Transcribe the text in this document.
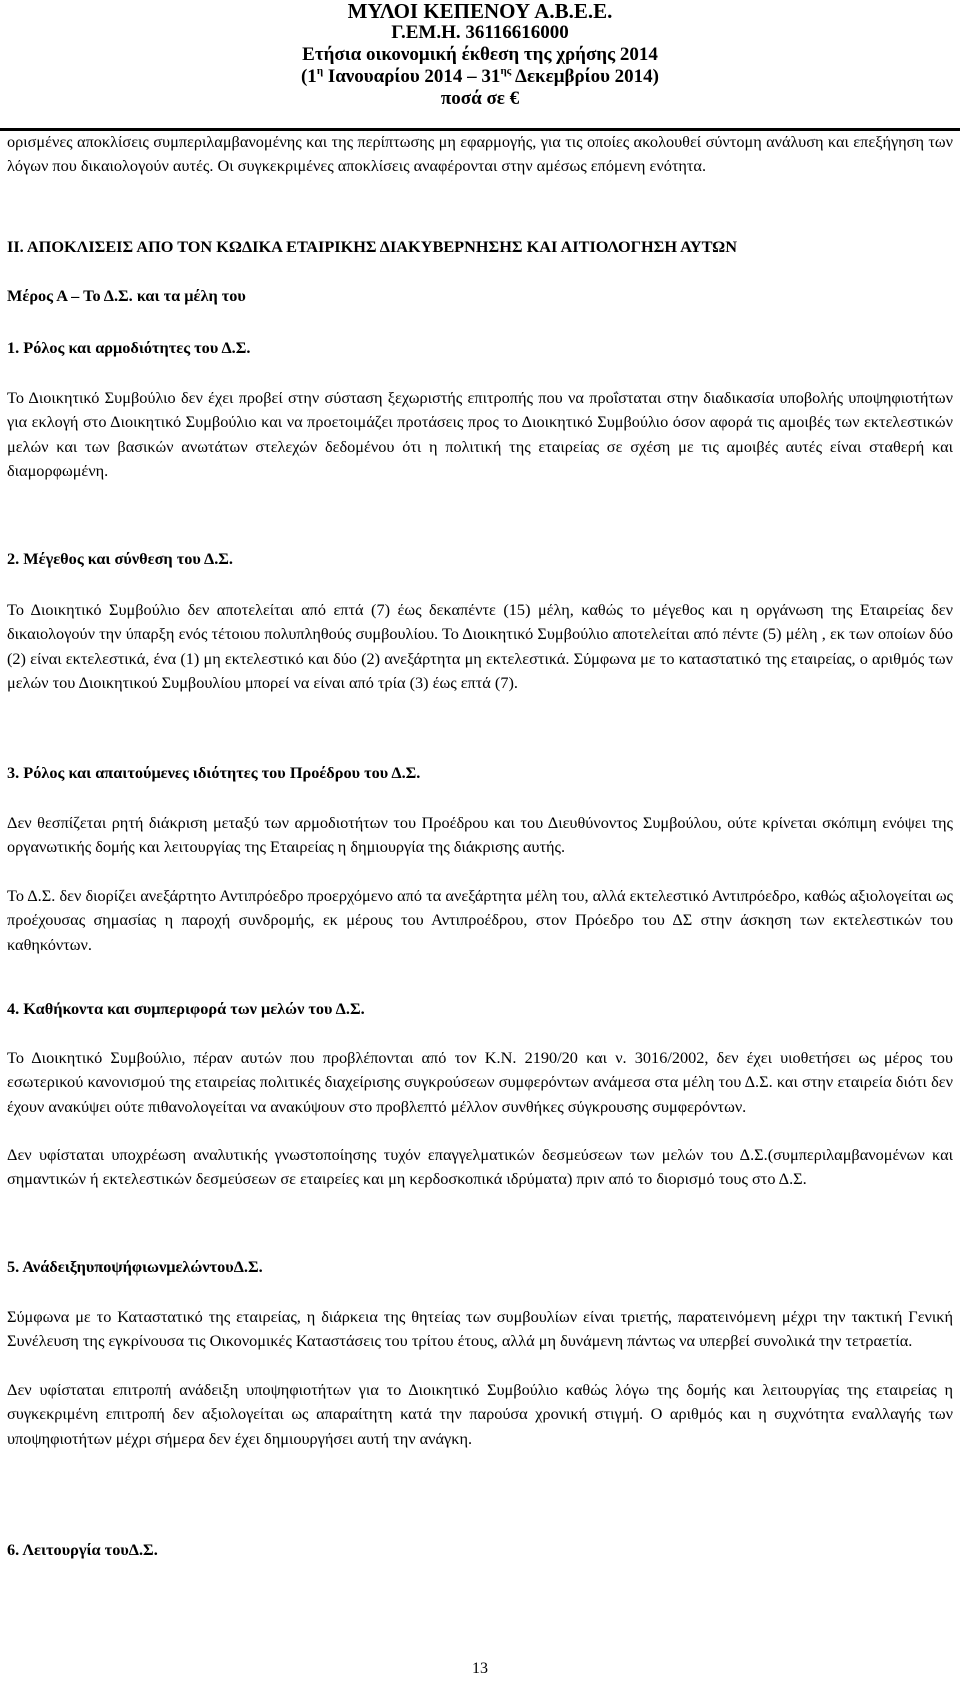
ΜΥΛΟΙ ΚΕΠΕΝΟΥ Α.Β.Ε.Ε.
Γ.ΕΜ.Η. 36116616000
Ετήσια οικονομική έκθεση της χρήσης 2014
($1^\eta$ Ιανουαρίου $2014 - 31^{\eta\varsigma}$ Δεκεμβρίου 2014)
ποσά σε €

ορισμένες αποκλίσεις συμπεριλαμβανομένης και της περίπτωσης μη εφαρμογής, για τις οποίες ακολουθεί σύντομη ανάλυση και επεξήγηση των λόγων που δικαιολογούν αυτές. Οι συγκεκριμένες αποκλίσεις αναφέρονται στην αμέσως επόμενη ενότητα.

ΙΙ. ΑΠΟΚΛΙΣΕΙΣ ΑΠΟ ΤΟΝ ΚΩΔΙΚΑ ΕΤΑΙΡΙΚΗΣ ΔΙΑΚΥΒΕΡΝΗΣΗΣ ΚΑΙ ΑΙΤΙΟΛΟΓΗΣΗ ΑΥΤΩΝ

Μέρος Α – Το Δ.Σ. και τα μέλη του

1. Ρόλος και αρμοδιότητες του Δ.Σ.

Το Διοικητικό Συμβούλιο δεν έχει προβεί στην σύσταση ξεχωριστής επιτροπής που να προΐσταται στην διαδικασία υποβολής υποψηφιοτήτων για εκλογή στο Διοικητικό Συμβούλιο και να προετοιμάζει προτάσεις προς το Διοικητικό Συμβούλιο όσον αφορά τις αμοιβές των εκτελεστικών μελών και των βασικών ανωτάτων στελεχών δεδομένου ότι η πολιτική της εταιρείας σε σχέση με τις αμοιβές αυτές είναι σταθερή και διαμορφωμένη.

2. Μέγεθος και σύνθεση του Δ.Σ.

Το Διοικητικό Συμβούλιο δεν αποτελείται από επτά (7) έως δεκαπέντε (15) μέλη, καθώς το μέγεθος και η οργάνωση της Εταιρείας δεν δικαιολογούν την ύπαρξη ενός τέτοιου πολυπληθούς συμβουλίου. Το Διοικητικό Συμβούλιο αποτελείται από πέντε (5) μέλη , εκ των οποίων δύο (2) είναι εκτελεστικά, ένα (1) μη εκτελεστικό και δύο (2) ανεξάρτητα μη εκτελεστικά. Σύμφωνα με το καταστατικό της εταιρείας, ο αριθμός των μελών του Διοικητικού Συμβουλίου μπορεί να είναι από τρία (3) έως επτά (7).

3. Ρόλος και απαιτούμενες ιδιότητες του Προέδρου του Δ.Σ.

Δεν θεσπίζεται ρητή διάκριση μεταξύ των αρμοδιοτήτων του Προέδρου και του Διευθύνοντος Συμβούλου, ούτε κρίνεται σκόπιμη ενόψει της οργανωτικής δομής και λειτουργίας της Εταιρείας η δημιουργία της διάκρισης αυτής.

Το Δ.Σ. δεν διορίζει ανεξάρτητο Αντιπρόεδρο προερχόμενο από τα ανεξάρτητα μέλη του, αλλά εκτελεστικό Αντιπρόεδρο, καθώς αξιολογείται ως προέχουσας σημασίας η παροχή συνδρομής, εκ μέρους του Αντιπροέδρου, στον Πρόεδρο του ΔΣ στην άσκηση των εκτελεστικών του καθηκόντων.

4. Καθήκοντα και συμπεριφορά των μελών του Δ.Σ.

Το Διοικητικό Συμβούλιο, πέραν αυτών που προβλέπονται από τον Κ.Ν. 2190/20 και ν. 3016/2002, δεν έχει υιοθετήσει ως μέρος του εσωτερικού κανονισμού της εταιρείας πολιτικές διαχείρισης συγκρούσεων συμφερόντων ανάμεσα στα μέλη του Δ.Σ. και στην εταιρεία διότι δεν έχουν ανακύψει ούτε πιθανολογείται να ανακύψουν στο προβλεπτό μέλλον συνθήκες σύγκρουσης συμφερόντων.

Δεν υφίσταται υποχρέωση αναλυτικής γνωστοποίησης τυχόν επαγγελματικών δεσμεύσεων των μελών του Δ.Σ.(συμπεριλαμβανομένων και σημαντικών ή εκτελεστικών δεσμεύσεων σε εταιρείες και μη κερδοσκοπικά ιδρύματα) πριν από το διορισμό τους στο Δ.Σ.

5. ΑνάδειξηυποψήφιωνμελώντουΔ.Σ.

Σύμφωνα με το Καταστατικό της εταιρείας, η διάρκεια της θητείας των συμβουλίων είναι τριετής, παρατεινόμενη μέχρι την τακτική Γενική Συνέλευση της εγκρίνουσα τις Οικονομικές Καταστάσεις του τρίτου έτους, αλλά μη δυνάμενη πάντως να υπερβεί συνολικά την τετραετία.

Δεν υφίσταται επιτροπή ανάδειξη υποψηφιοτήτων για το Διοικητικό Συμβούλιο καθώς λόγω της δομής και λειτουργίας της εταιρείας η συγκεκριμένη επιτροπή δεν αξιολογείται ως απαραίτητη κατά την παρούσα χρονική στιγμή. Ο αριθμός και η συχνότητα εναλλαγής των υποψηφιοτήτων μέχρι σήμερα δεν έχει δημιουργήσει αυτή την ανάγκη.

6. Λειτουργία τουΔ.Σ.

13
